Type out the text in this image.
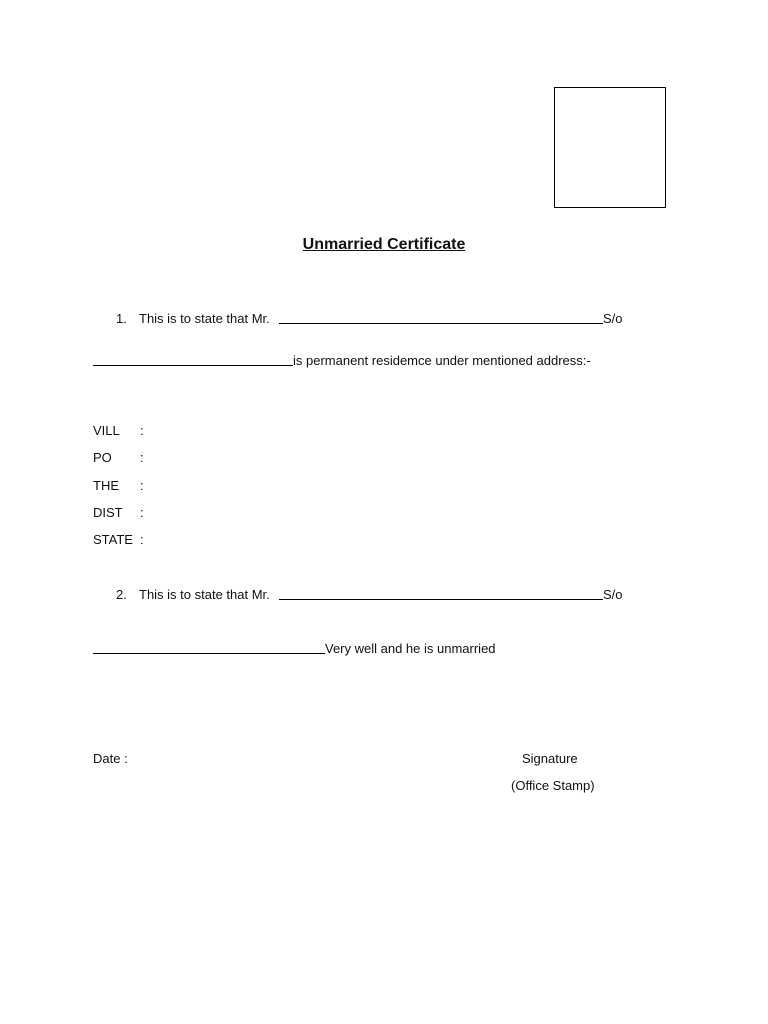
Unmarried Certificate
1. This is to state that Mr.	S/o
is permanent residemce under mentioned address:-
VILL :
PO :
THE :
DIST :
STATE :
2. This is to state that Mr.	S/o
Very well and he is unmarried
Date :	Signature
(Office Stamp)
